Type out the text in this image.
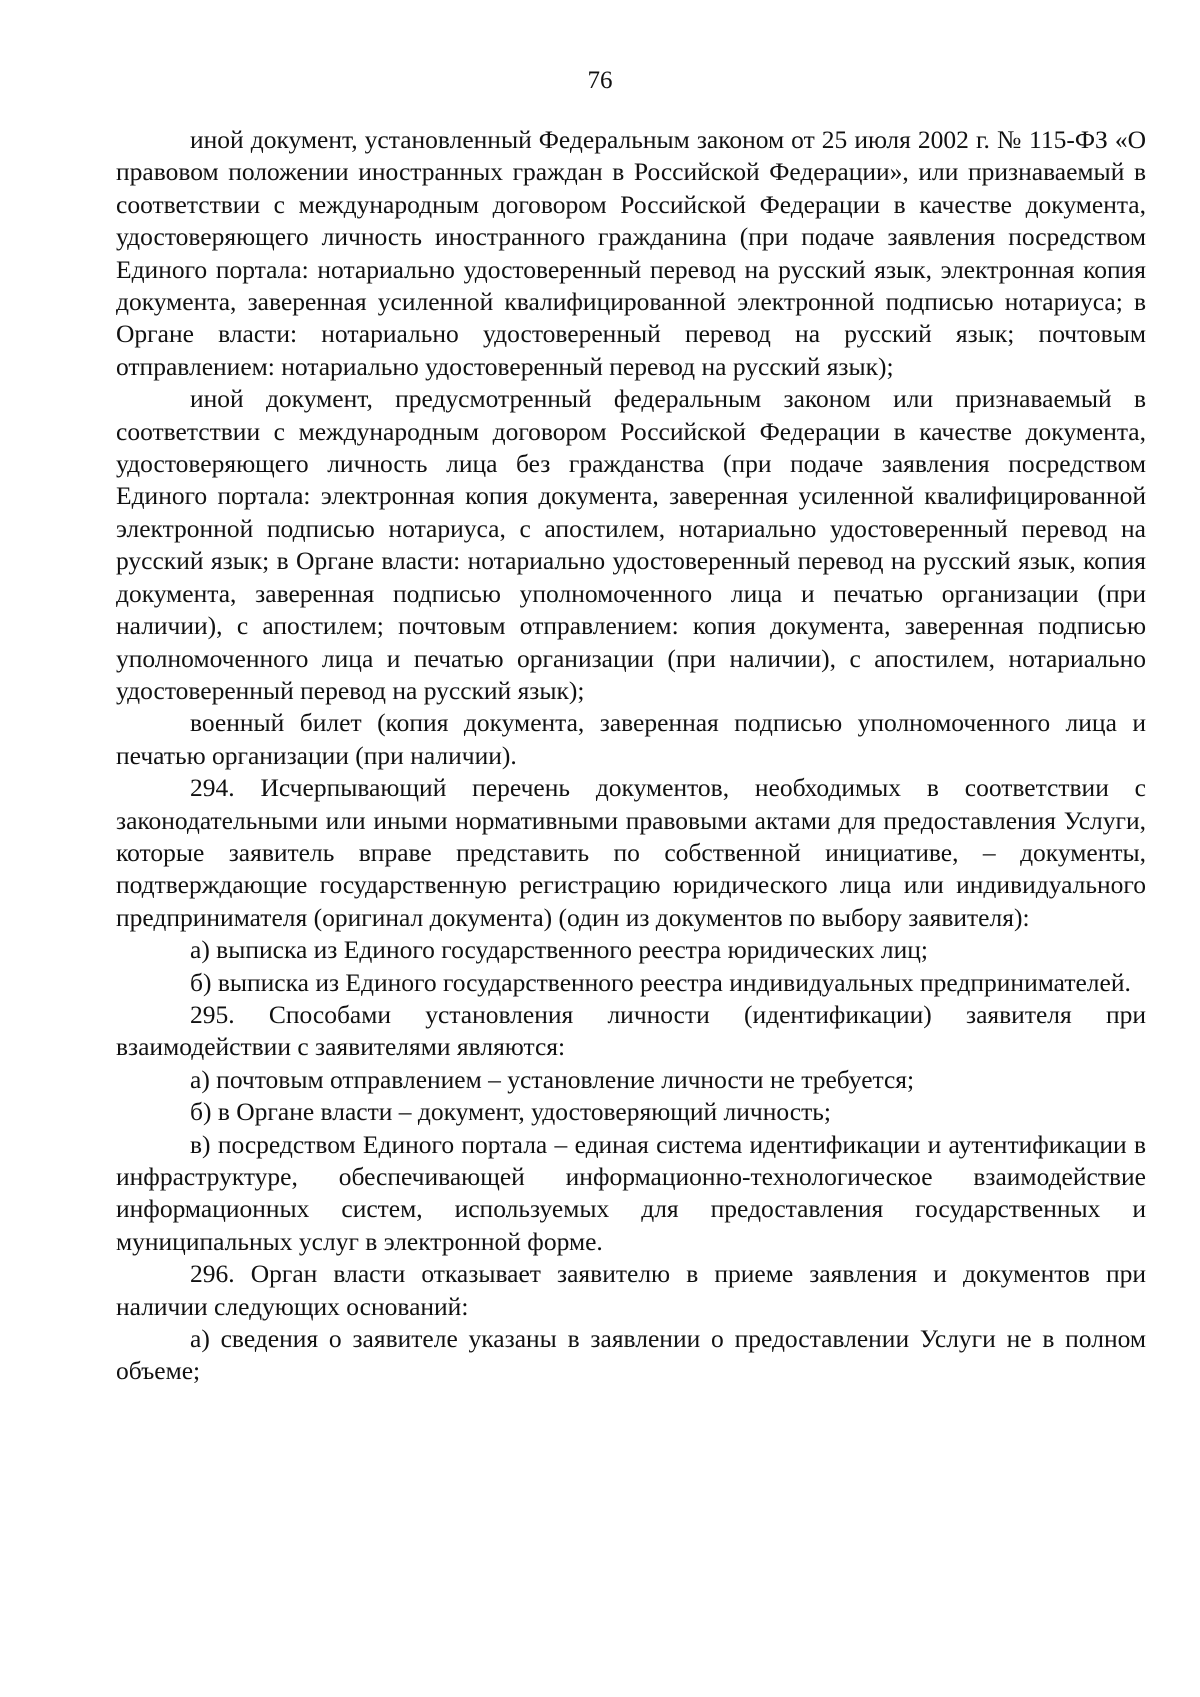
76

иной документ, установленный Федеральным законом от 25 июля 2002 г. № 115-ФЗ «О правовом положении иностранных граждан в Российской Федерации», или признаваемый в соответствии с международным договором Российской Федерации в качестве документа, удостоверяющего личность иностранного гражданина (при подаче заявления посредством Единого портала: нотариально удостоверенный перевод на русский язык, электронная копия документа, заверенная усиленной квалифицированной электронной подписью нотариуса; в Органе власти: нотариально удостоверенный перевод на русский язык; почтовым отправлением: нотариально удостоверенный перевод на русский язык);

иной документ, предусмотренный федеральным законом или признаваемый в соответствии с международным договором Российской Федерации в качестве документа, удостоверяющего личность лица без гражданства (при подаче заявления посредством Единого портала: электронная копия документа, заверенная усиленной квалифицированной электронной подписью нотариуса, с апостилем, нотариально удостоверенный перевод на русский язык; в Органе власти: нотариально удостоверенный перевод на русский язык, копия документа, заверенная подписью уполномоченного лица и печатью организации (при наличии), с апостилем; почтовым отправлением: копия документа, заверенная подписью уполномоченного лица и печатью организации (при наличии), с апостилем, нотариально удостоверенный перевод на русский язык);

военный билет (копия документа, заверенная подписью уполномоченного лица и печатью организации (при наличии).

294. Исчерпывающий перечень документов, необходимых в соответствии с законодательными или иными нормативными правовыми актами для предоставления Услуги, которые заявитель вправе представить по собственной инициативе, – документы, подтверждающие государственную регистрацию юридического лица или индивидуального предпринимателя (оригинал документа) (один из документов по выбору заявителя):

а) выписка из Единого государственного реестра юридических лиц;

б) выписка из Единого государственного реестра индивидуальных предпринимателей.

295. Способами установления личности (идентификации) заявителя при взаимодействии с заявителями являются:

а) почтовым отправлением – установление личности не требуется;

б) в Органе власти – документ, удостоверяющий личность;

в) посредством Единого портала – единая система идентификации и аутентификации в инфраструктуре, обеспечивающей информационно-технологическое взаимодействие информационных систем, используемых для предоставления государственных и муниципальных услуг в электронной форме.

296. Орган власти отказывает заявителю в приеме заявления и документов при наличии следующих оснований:

а) сведения о заявителе указаны в заявлении о предоставлении Услуги не в полном объеме;
